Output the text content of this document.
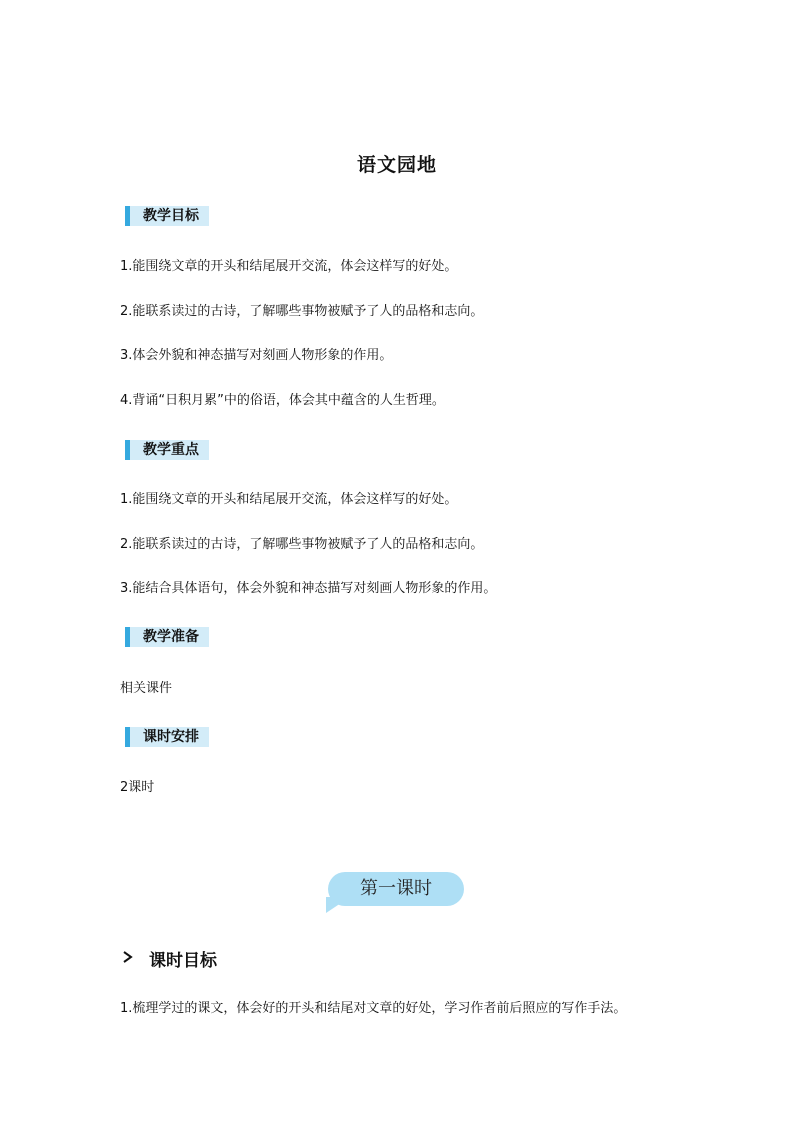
语文园地
教学目标
1.能围绕文章的开头和结尾展开交流，体会这样写的好处。
2.能联系读过的古诗，了解哪些事物被赋予了人的品格和志向。
3.体会外貌和神态描写对刻画人物形象的作用。
4.背诵“日积月累”中的俗语，体会其中蕴含的人生哲理。
教学重点
1.能围绕文章的开头和结尾展开交流，体会这样写的好处。
2.能联系读过的古诗，了解哪些事物被赋予了人的品格和志向。
3.能结合具体语句，体会外貌和神态描写对刻画人物形象的作用。
教学准备
相关课件
课时安排
2课时
第一课时
课时目标
1.梳理学过的课文，体会好的开头和结尾对文章的好处，学习作者前后照应的写作手法。
